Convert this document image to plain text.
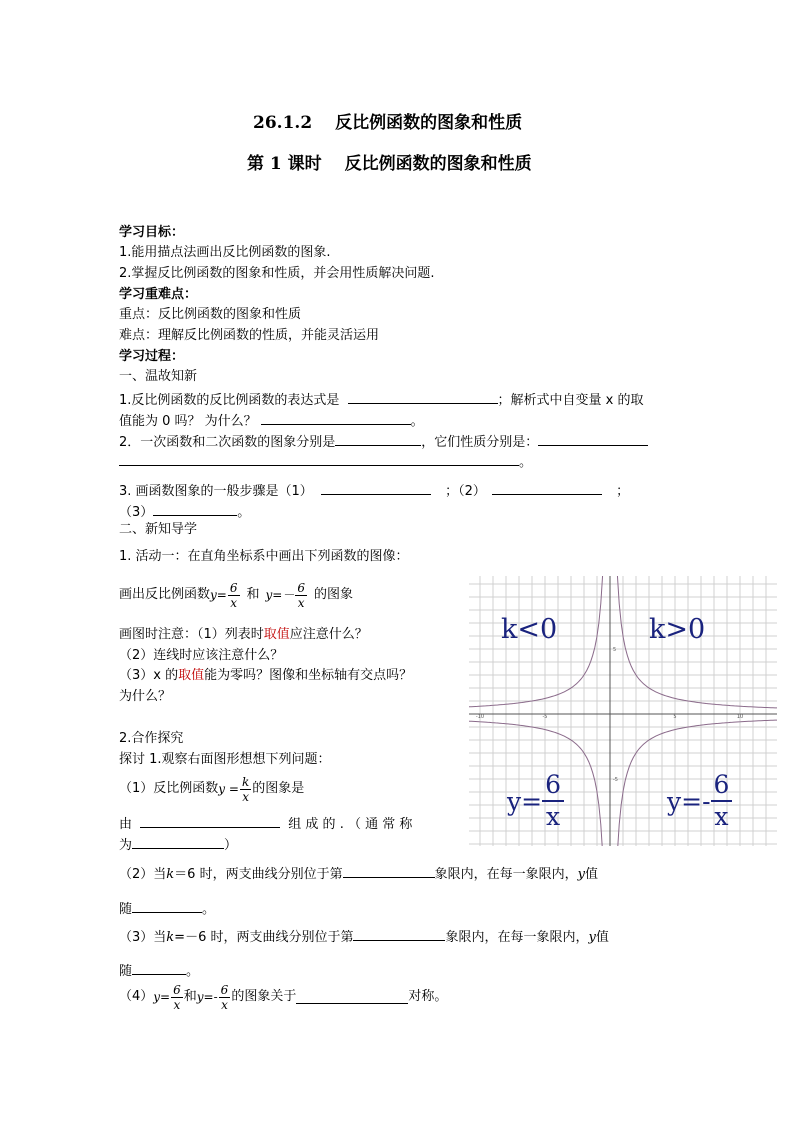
26.1.2　 反比例函数的图象和性质
第 1 课时　 反比例函数的图象和性质
学习目标：
1.能用描点法画出反比例函数的图象.
2.掌握反比例函数的图象和性质，并会用性质解决问题.
学习重难点：
重点：反比例函数的图象和性质
难点：理解反比例函数的性质，并能灵活运用
学习过程：
一、温故知新
1.反比例函数的反比例函数的表达式是	；解析式中自变量 x 的取
值能为 0 吗？ 为什么？	。
2．一次函数和二次函数的图象分别是	，它们性质分别是：
。
3. 画函数图象的一般步骤是（1）	；（2）	；
（3）	。
二、新知导学
1. 活动一：在直角坐标系中画出下列函数的图像：
画出反比例函数 $y= \frac{6}{x}$ 和 $y=- \frac{6}{x}$ 的图象
画图时注意：（1）列表时取值应注意什么？
（2）连线时应该注意什么？
（3）x 的取值能为零吗？图像和坐标轴有交点吗？
为什么？
2.合作探究
探讨 1.观察右面图形想想下列问题：
（1）反比例函数 $y = \frac{k}{x}$ 的图象是
由	组 成 的 . （ 通 常 称
为	）
（2）当k＝6 时，两支曲线分别位于第	象限内，在每一象限内，y值
随	。
（3）当k=－6 时，两支曲线分别位于第	象限内，在每一象限内，y值
随	。
（4） $y= \frac{6}{x}$ 和 $y=- \frac{6}{x}$ 的图象关于	对称。
-10	-5	5	10
5
-5
k<0	k>0
$y= \frac{6}{x}$	$y=- \frac{6}{x}$
